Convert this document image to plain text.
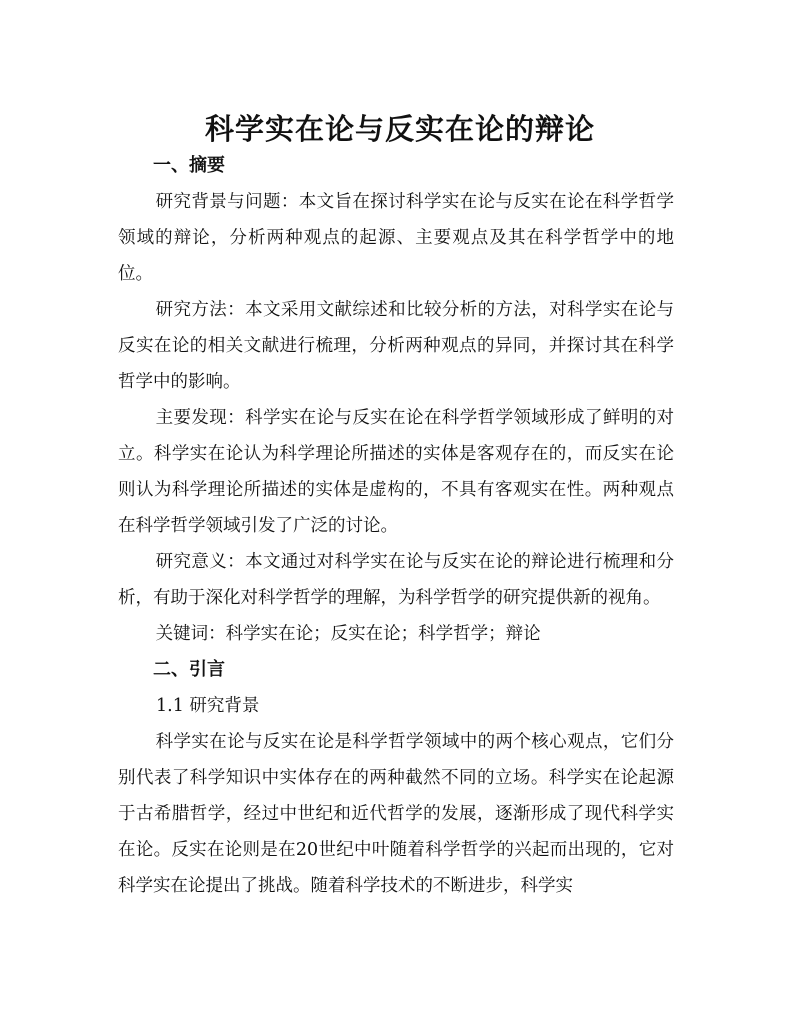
科学实在论与反实在论的辩论

一、摘要

研究背景与问题：本文旨在探讨科学实在论与反实在论在科学哲学领域的辩论，分析两种观点的起源、主要观点及其在科学哲学中的地位。

研究方法：本文采用文献综述和比较分析的方法，对科学实在论与反实在论的相关文献进行梳理，分析两种观点的异同，并探讨其在科学哲学中的影响。

主要发现：科学实在论与反实在论在科学哲学领域形成了鲜明的对立。科学实在论认为科学理论所描述的实体是客观存在的，而反实在论则认为科学理论所描述的实体是虚构的，不具有客观实在性。两种观点在科学哲学领域引发了广泛的讨论。

研究意义：本文通过对科学实在论与反实在论的辩论进行梳理和分析，有助于深化对科学哲学的理解，为科学哲学的研究提供新的视角。

关键词：科学实在论；反实在论；科学哲学；辩论

二、引言

1.1 研究背景

科学实在论与反实在论是科学哲学领域中的两个核心观点，它们分别代表了科学知识中实体存在的两种截然不同的立场。科学实在论起源于古希腊哲学，经过中世纪和近代哲学的发展，逐渐形成了现代科学实在论。反实在论则是在20世纪中叶随着科学哲学的兴起而出现的，它对科学实在论提出了挑战。随着科学技术的不断进步，科学实
